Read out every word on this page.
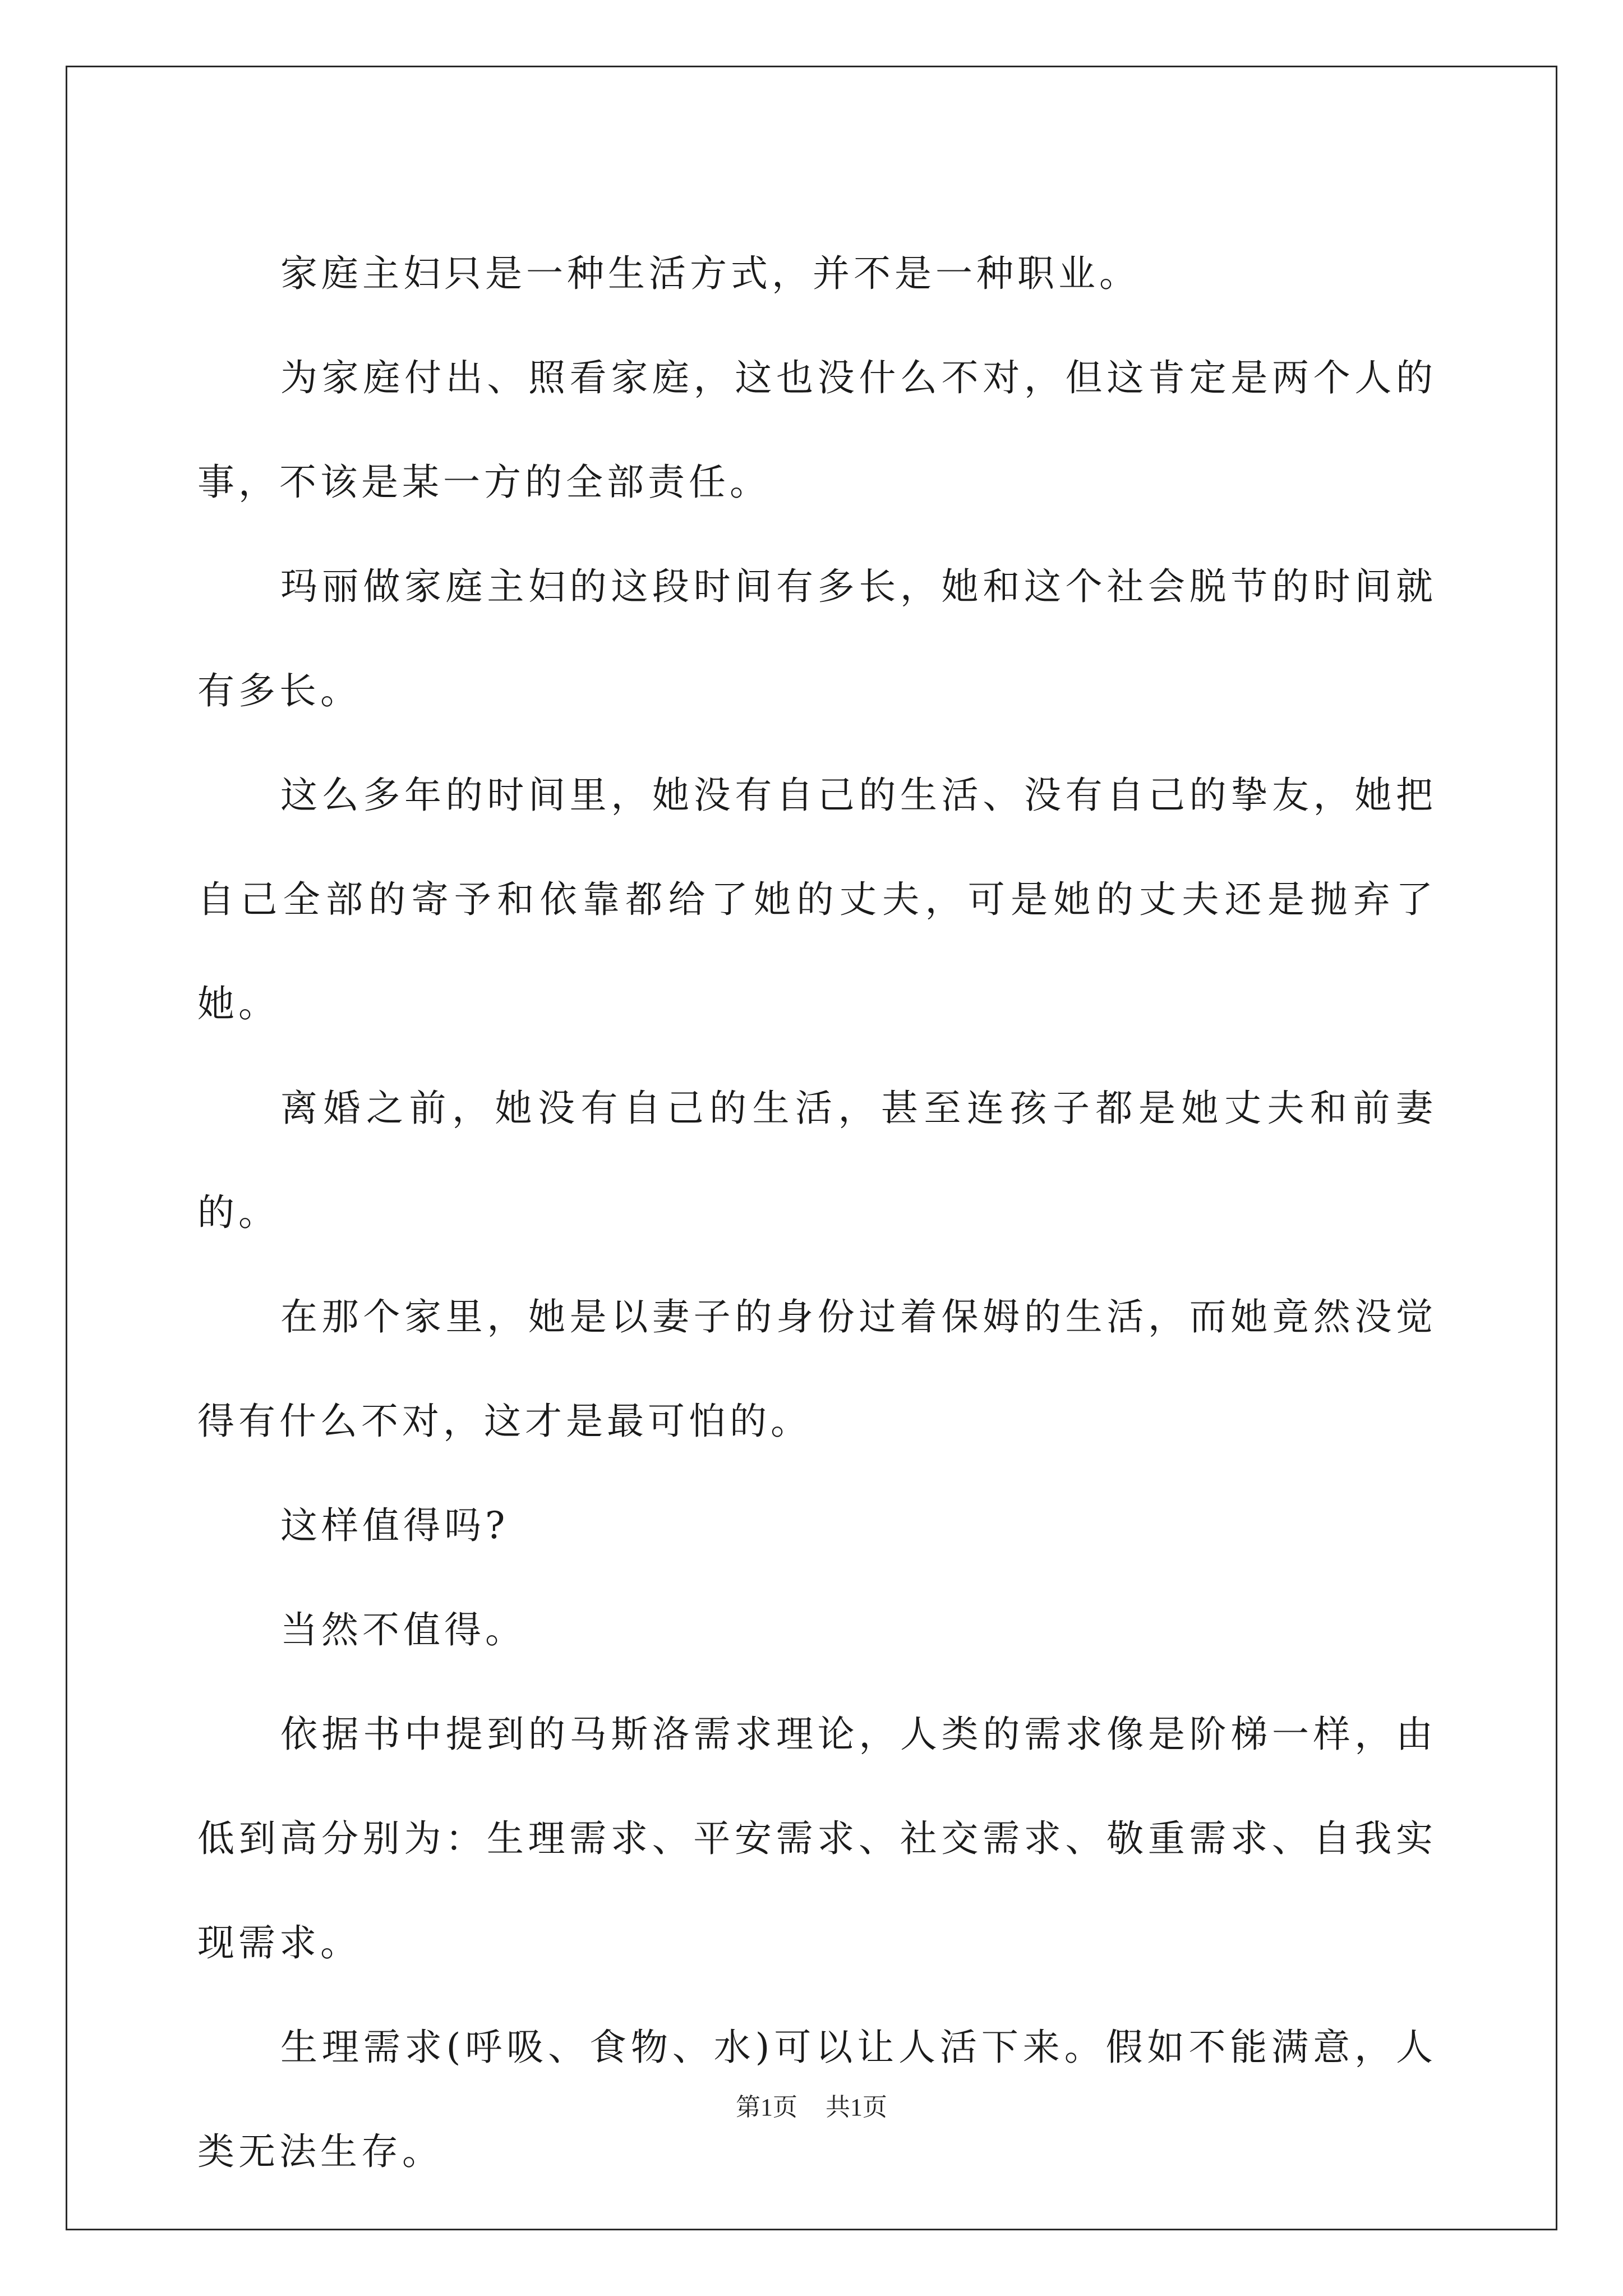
家庭主妇只是一种生活方式，并不是一种职业。

为家庭付出、照看家庭，这也没什么不对，但这肯定是两个人的事，不该是某一方的全部责任。

玛丽做家庭主妇的这段时间有多长，她和这个社会脱节的时间就有多长。

这么多年的时间里，她没有自己的生活、没有自己的挚友，她把自己全部的寄予和依靠都给了她的丈夫，可是她的丈夫还是抛弃了她。

离婚之前，她没有自己的生活，甚至连孩子都是她丈夫和前妻的。

在那个家里，她是以妻子的身份过着保姆的生活，而她竟然没觉得有什么不对，这才是最可怕的。

这样值得吗?

当然不值得。

依据书中提到的马斯洛需求理论，人类的需求像是阶梯一样，由低到高分别为：生理需求、平安需求、社交需求、敬重需求、自我实现需求。

生理需求(呼吸、食物、水)可以让人活下来。假如不能满意，人类无法生存。

第1页 共1页
